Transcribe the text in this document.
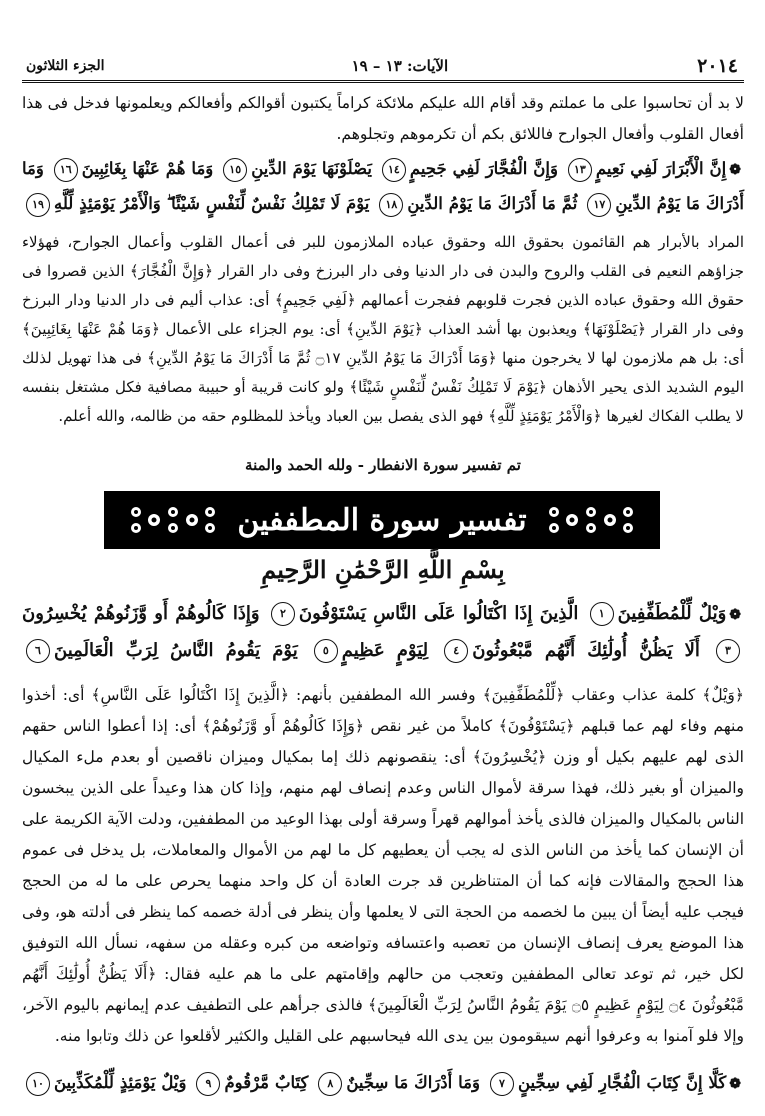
٢٠١٤
الآيات: ١٣ – ١٩
الجزء الثلاثون
لا بد أن تحاسبوا على ما عملتم وقد أقام الله عليكم ملائكة كراماً يكتبون أقوالكم وأفعالكم ويعلمونها فدخل فى هذا أفعال القلوب وأفعال الجوارح فاللائق بكم أن تكرموهم وتجلوهم.
❁إِنَّ الْأَبْرَارَ لَفِي نَعِيمٍ١٣ وَإِنَّ الْفُجَّارَ لَفِي جَحِيمٍ١٤ يَصْلَوْنَهَا يَوْمَ الدِّينِ١٥ وَمَا هُمْ عَنْهَا بِغَائِبِينَ١٦ وَمَا أَدْرَاكَ مَا يَوْمُ الدِّينِ١٧ ثُمَّ مَا أَدْرَاكَ مَا يَوْمُ الدِّينِ١٨ يَوْمَ لَا تَمْلِكُ نَفْسٌ لِّنَفْسٍ شَيْئًا ۖ وَالْأَمْرُ يَوْمَئِذٍ لِّلَّهِ١٩
المراد بالأبرار هم القائمون بحقوق الله وحقوق عباده الملازمون للبر فى أعمال القلوب وأعمال الجوارح، فهؤلاء جزاؤهم النعيم فى القلب والروح والبدن فى دار الدنيا وفى دار البرزخ وفى دار القرار ﴿وَإِنَّ الْفُجَّارَ﴾ الذين قصروا فى حقوق الله وحقوق عباده الذين فجرت قلوبهم ففجرت أعمالهم ﴿لَفِي جَحِيمٍ﴾ أى: عذاب أليم فى دار الدنيا ودار البرزخ وفى دار القرار ﴿يَصْلَوْنَهَا﴾ ويعذبون بها أشد العذاب ﴿يَوْمَ الدِّينِ﴾ أى: يوم الجزاء على الأعمال ﴿وَمَا هُمْ عَنْهَا بِغَائِبِينَ﴾ أى: بل هم ملازمون لها لا يخرجون منها ﴿وَمَا أَدْرَاكَ مَا يَوْمُ الدِّينِ ۝١٧ ثُمَّ مَا أَدْرَاكَ مَا يَوْمُ الدِّينِ﴾ فى هذا تهويل لذلك اليوم الشديد الذى يحير الأذهان ﴿يَوْمَ لَا تَمْلِكُ نَفْسٌ لِّنَفْسٍ شَيْئًا﴾ ولو كانت قريبة أو حبيبة مصافية فكل مشتغل بنفسه لا يطلب الفكاك لغيرها ﴿وَالْأَمْرُ يَوْمَئِذٍ لِّلَّهِ﴾ فهو الذى يفصل بين العباد ويأخذ للمظلوم حقه من ظالمه، والله أعلم.
تم تفسير سورة الانفطار - ولله الحمد والمنة
تفسير سورة المطففين
بِسْمِ اللَّهِ الرَّحْمَٰنِ الرَّحِيمِ
❁وَيْلٌ لِّلْمُطَفِّفِينَ١ الَّذِينَ إِذَا اكْتَالُوا عَلَى النَّاسِ يَسْتَوْفُونَ٢ وَإِذَا كَالُوهُمْ أَو وَّزَنُوهُمْ يُخْسِرُونَ٣ أَلَا يَظُنُّ أُولَٰئِكَ أَنَّهُم مَّبْعُوثُونَ٤ لِيَوْمٍ عَظِيمٍ٥ يَوْمَ يَقُومُ النَّاسُ لِرَبِّ الْعَالَمِينَ٦
﴿وَيْلٌ﴾ كلمة عذاب وعقاب ﴿لِّلْمُطَفِّفِينَ﴾ وفسر الله المطففين بأنهم: ﴿الَّذِينَ إِذَا اكْتَالُوا عَلَى النَّاسِ﴾ أى: أخذوا منهم وفاء لهم عما قبلهم ﴿يَسْتَوْفُونَ﴾ كاملاً من غير نقص ﴿وَإِذَا كَالُوهُمْ أَو وَّزَنُوهُمْ﴾ أى: إذا أعطوا الناس حقهم الذى لهم عليهم بكيل أو وزن ﴿يُخْسِرُونَ﴾ أى: ينقصونهم ذلك إما بمكيال وميزان ناقصين أو بعدم ملء المكيال والميزان أو بغير ذلك، فهذا سرقة لأموال الناس وعدم إنصاف لهم منهم، وإذا كان هذا وعيداً على الذين يبخسون الناس بالمكيال والميزان فالذى يأخذ أموالهم قهراً وسرقة أولى بهذا الوعيد من المطففين، ودلت الآية الكريمة على أن الإنسان كما يأخذ من الناس الذى له يجب أن يعطيهم كل ما لهم من الأموال والمعاملات، بل يدخل فى عموم هذا الحجج والمقالات فإنه كما أن المتناظرين قد جرت العادة أن كل واحد منهما يحرص على ما له من الحجج فيجب عليه أيضاً أن يبين ما لخصمه من الحجة التى لا يعلمها وأن ينظر فى أدلة خصمه كما ينظر فى أدلته هو، وفى هذا الموضع يعرف إنصاف الإنسان من تعصبه واعتسافه وتواضعه من كبره وعقله من سفهه، نسأل الله التوفيق لكل خير، ثم توعد تعالى المطففين وتعجب من حالهم وإقامتهم على ما هم عليه فقال: ﴿أَلَا يَظُنُّ أُولَٰئِكَ أَنَّهُم مَّبْعُوثُونَ ۝٤ لِيَوْمٍ عَظِيمٍ ۝٥ يَوْمَ يَقُومُ النَّاسُ لِرَبِّ الْعَالَمِينَ﴾ فالذى جرأهم على التطفيف عدم إيمانهم باليوم الآخر، وإلا فلو آمنوا به وعرفوا أنهم سيقومون بين يدى الله فيحاسبهم على القليل والكثير لأقلعوا عن ذلك وتابوا منه.
❁كَلَّا إِنَّ كِتَابَ الْفُجَّارِ لَفِي سِجِّينٍ٧ وَمَا أَدْرَاكَ مَا سِجِّينٌ٨ كِتَابٌ مَّرْقُومٌ٩ وَيْلٌ يَوْمَئِذٍ لِّلْمُكَذِّبِينَ١٠
